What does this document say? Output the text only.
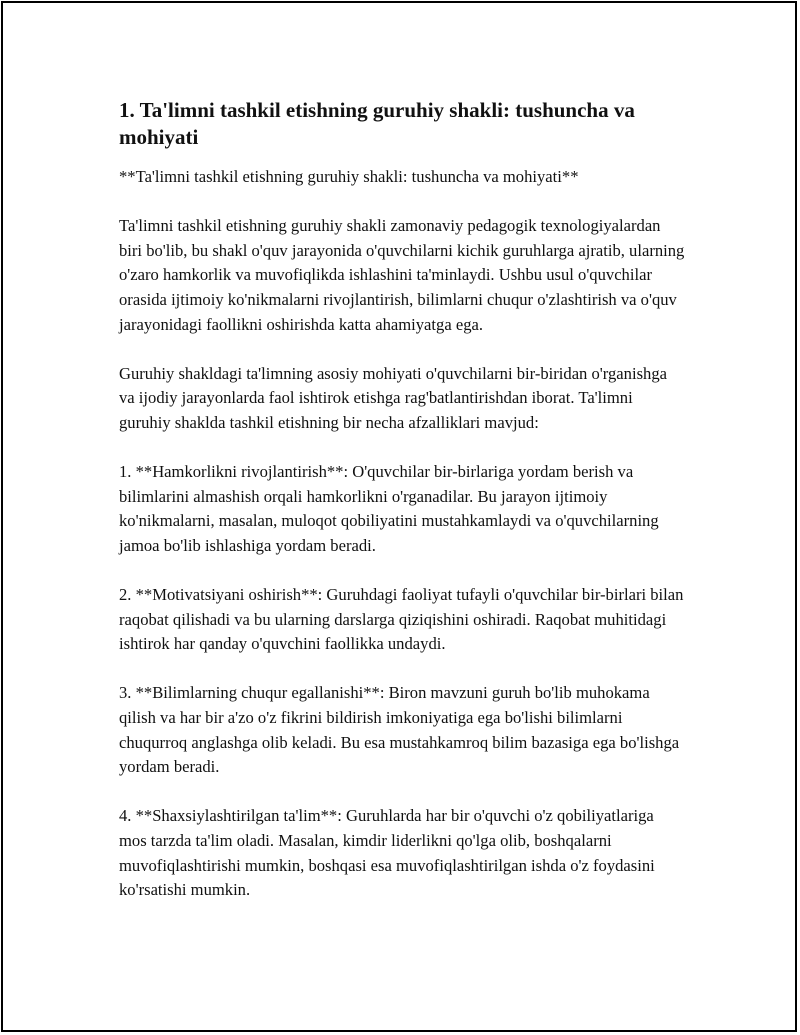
1. Ta'limni tashkil etishning guruhiy shakli: tushuncha va mohiyati

**Ta'limni tashkil etishning guruhiy shakli: tushuncha va mohiyati**

Ta'limni tashkil etishning guruhiy shakli zamonaviy pedagogik texnologiyalardan biri bo'lib, bu shakl o'quv jarayonida o'quvchilarni kichik guruhlarga ajratib, ularning o'zaro hamkorlik va muvofiqlikda ishlashini ta'minlaydi. Ushbu usul o'quvchilar orasida ijtimoiy ko'nikmalarni rivojlantirish, bilimlarni chuqur o'zlashtirish va o'quv jarayonidagi faollikni oshirishda katta ahamiyatga ega.

Guruhiy shakldagi ta'limning asosiy mohiyati o'quvchilarni bir-biridan o'rganishga va ijodiy jarayonlarda faol ishtirok etishga rag'batlantirishdan iborat. Ta'limni guruhiy shaklda tashkil etishning bir necha afzalliklari mavjud:

1. **Hamkorlikni rivojlantirish**: O'quvchilar bir-birlariga yordam berish va bilimlarini almashish orqali hamkorlikni o'rganadilar. Bu jarayon ijtimoiy ko'nikmalarni, masalan, muloqot qobiliyatini mustahkamlaydi va o'quvchilarning jamoa bo'lib ishlashiga yordam beradi.

2. **Motivatsiyani oshirish**: Guruhdagi faoliyat tufayli o'quvchilar bir-birlari bilan raqobat qilishadi va bu ularning darslarga qiziqishini oshiradi. Raqobat muhitidagi ishtirok har qanday o'quvchini faollikka undaydi.

3. **Bilimlarning chuqur egallanishi**: Biron mavzuni guruh bo'lib muhokama qilish va har bir a'zo o'z fikrini bildirish imkoniyatiga ega bo'lishi bilimlarni chuqurroq anglashga olib keladi. Bu esa mustahkamroq bilim bazasiga ega bo'lishga yordam beradi.

4. **Shaxsiylashtirilgan ta'lim**: Guruhlarda har bir o'quvchi o'z qobiliyatlariga mos tarzda ta'lim oladi. Masalan, kimdir liderlikni qo'lga olib, boshqalarni muvofiqlashtirishi mumkin, boshqasi esa muvofiqlashtirilgan ishda o'z foydasini ko'rsatishi mumkin.
